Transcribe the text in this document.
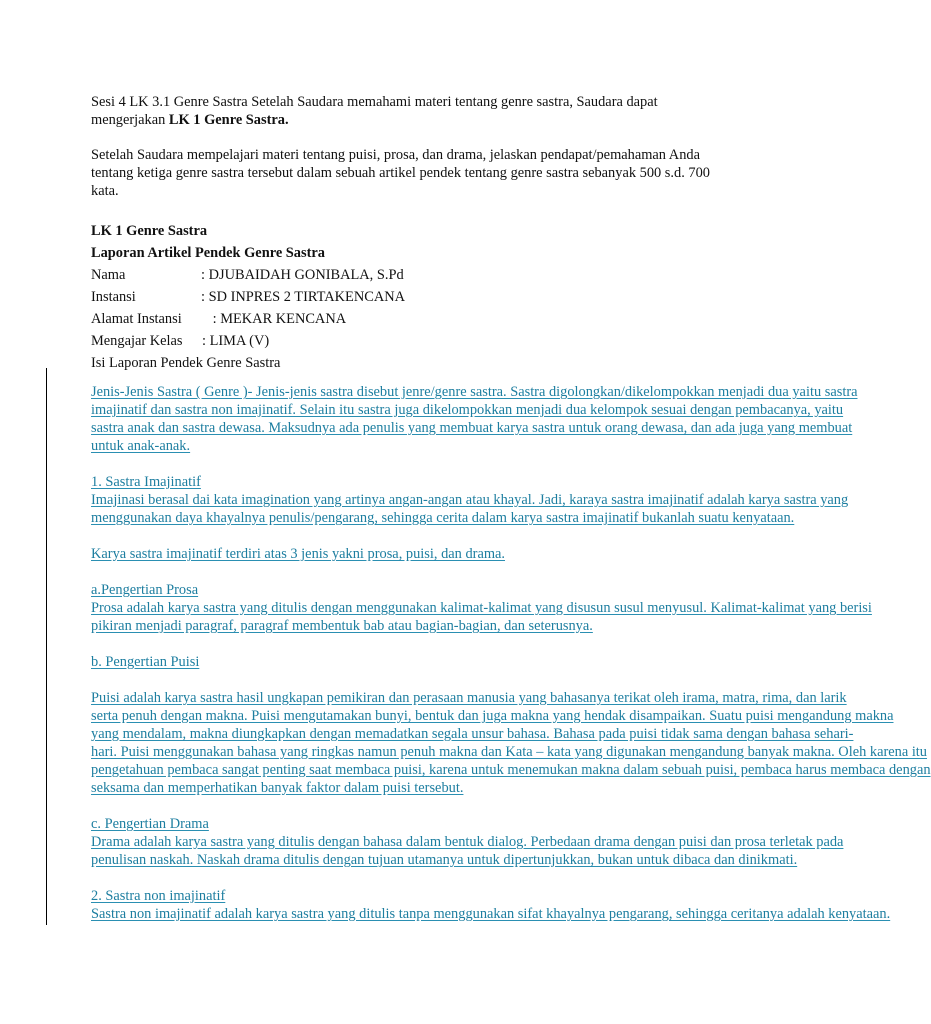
Sesi 4 LK 3.1 Genre Sastra Setelah Saudara memahami materi tentang genre sastra, Saudara dapat mengerjakan LK 1 Genre Sastra.

Setelah Saudara mempelajari materi tentang puisi, prosa, dan drama, jelaskan pendapat/pemahaman Anda tentang ketiga genre sastra tersebut dalam sebuah artikel pendek tentang genre sastra sebanyak 500 s.d. 700 kata.

LK 1 Genre Sastra
Laporan Artikel Pendek Genre Sastra
Nama	: DJUBAIDAH GONIBALA, S.Pd
Instansi	: SD INPRES 2 TIRTAKENCANA
Alamat Instansi : MEKAR KENCANA
Mengajar Kelas : LIMA (V)
Isi Laporan Pendek Genre Sastra
Jenis-Jenis Sastra ( Genre )- Jenis-jenis sastra disebut jenre/genre sastra. Sastra digolongkan/dikelompokkan menjadi dua yaitu sastra
imajinatif dan sastra non imajinatif. Selain itu sastra juga dikelompokkan menjadi dua kelompok sesuai dengan pembacanya, yaitu
sastra anak dan sastra dewasa. Maksudnya ada penulis yang membuat karya sastra untuk orang dewasa, dan ada juga yang membuat
untuk anak-anak.
1. Sastra Imajinatif
Imajinasi berasal dai kata imagination yang artinya angan-angan atau khayal. Jadi, karaya sastra imajinatif adalah karya sastra yang
menggunakan daya khayalnya penulis/pengarang, sehingga cerita dalam karya sastra imajinatif bukanlah suatu kenyataan.
Karya sastra imajinatif terdiri atas 3 jenis yakni prosa, puisi, dan drama.
a.Pengertian Prosa
Prosa adalah karya sastra yang ditulis dengan menggunakan kalimat-kalimat yang disusun susul menyusul. Kalimat-kalimat yang berisi
pikiran menjadi paragraf, paragraf membentuk bab atau bagian-bagian, dan seterusnya.
b. Pengertian Puisi
Puisi adalah karya sastra hasil ungkapan pemikiran dan perasaan manusia yang bahasanya terikat oleh irama, matra, rima, dan larik
serta penuh dengan makna. Puisi mengutamakan bunyi, bentuk dan juga makna yang hendak disampaikan. Suatu puisi mengandung makna
yang mendalam, makna diungkapkan dengan memadatkan segala unsur bahasa. Bahasa pada puisi tidak sama dengan bahasa sehari-
hari. Puisi menggunakan bahasa yang ringkas namun penuh makna dan Kata – kata yang digunakan mengandung banyak makna. Oleh karena itu
pengetahuan pembaca sangat penting saat membaca puisi, karena untuk menemukan makna dalam sebuah puisi, pembaca harus membaca dengan
seksama dan memperhatikan banyak faktor dalam puisi tersebut.
c. Pengertian Drama
Drama adalah karya sastra yang ditulis dengan bahasa dalam bentuk dialog. Perbedaan drama dengan puisi dan prosa terletak pada
penulisan naskah. Naskah drama ditulis dengan tujuan utamanya untuk dipertunjukkan, bukan untuk dibaca dan dinikmati.
2. Sastra non imajinatif
Sastra non imajinatif adalah karya sastra yang ditulis tanpa menggunakan sifat khayalnya pengarang, sehingga ceritanya adalah kenyataan.
